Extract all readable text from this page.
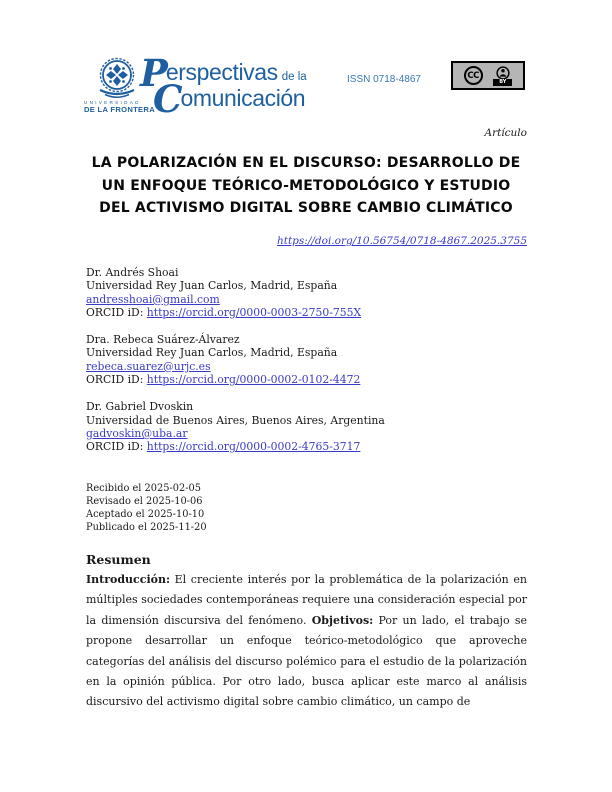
UNIVERSIDAD
DE LA FRONTERA
Perspectivas de la
Comunicación
ISSN 0718-4867	CC
BY
Artículo
LA POLARIZACIÓN EN EL DISCURSO: DESARROLLO DE
UN ENFOQUE TEÓRICO-METODOLÓGICO Y ESTUDIO
DEL ACTIVISMO DIGITAL SOBRE CAMBIO CLIMÁTICO
https://doi.org/10.56754/0718-4867.2025.3755
Dr. Andrés Shoai
Universidad Rey Juan Carlos, Madrid, España
andresshoai@gmail.com
ORCID iD: https://orcid.org/0000-0003-2750-755X
Dra. Rebeca Suárez-Álvarez
Universidad Rey Juan Carlos, Madrid, España
rebeca.suarez@urjc.es
ORCID iD: https://orcid.org/0000-0002-0102-4472
Dr. Gabriel Dvoskin
Universidad de Buenos Aires, Buenos Aires, Argentina
gadvoskin@uba.ar
ORCID iD: https://orcid.org/0000-0002-4765-3717
Recibido el 2025-02-05
Revisado el 2025-10-06
Aceptado el 2025-10-10
Publicado el 2025-11-20
Resumen

Introducción: El creciente interés por la problemática de la polarización en múltiples sociedades contemporáneas requiere una consideración especial por la dimensión discursiva del fenómeno. Objetivos: Por un lado, el trabajo se propone desarrollar un enfoque teórico-metodológico que aproveche categorías del análisis del discurso polémico para el estudio de la polarización en la opinión pública. Por otro lado, busca aplicar este marco al análisis discursivo del activismo digital sobre cambio climático, un campo de
